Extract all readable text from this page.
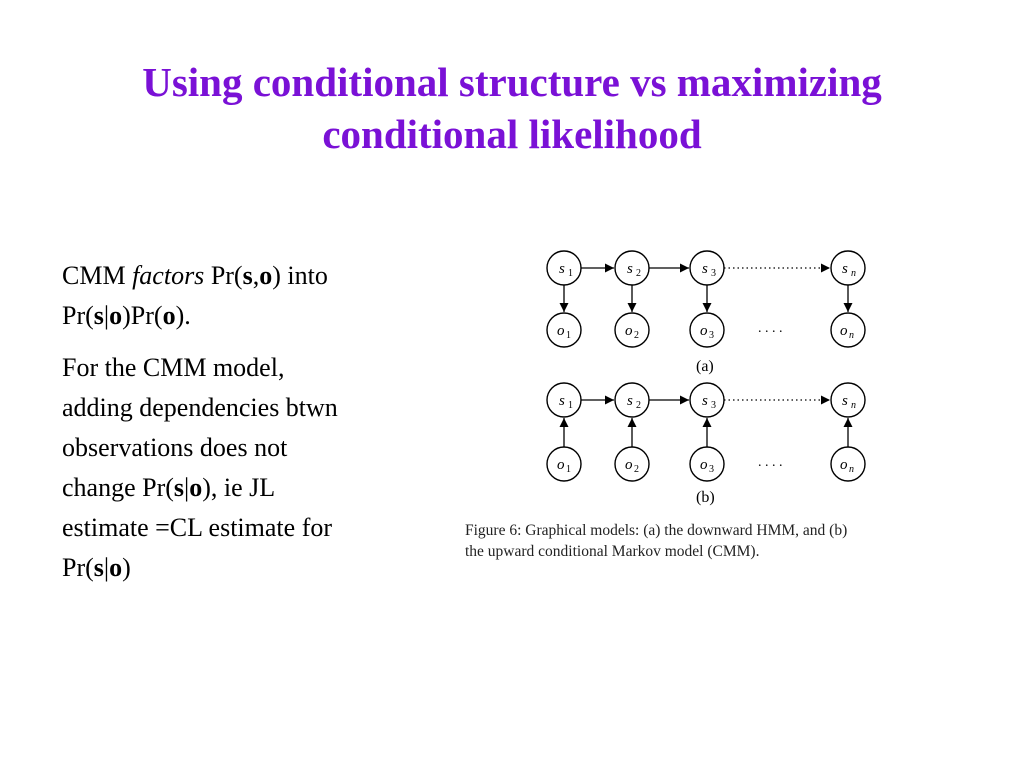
Using conditional structure vs maximizing
conditional likelihood

CMM factors Pr(s,o) into
Pr(s|o)Pr(o).

For the CMM model,
adding dependencies btwn
observations does not
change Pr(s|o), ie JL
estimate =CL estimate for
Pr(s|o)

s 1	s 2	s 3	s n
o 1	o 2	o 3	o n
. . . .
(a)
s 1	s 2	s 3	s n
o 1	o 2	o 3	o n
. . . .
(b)
Figure 6: Graphical models: (a) the downward HMM, and (b)
the upward conditional Markov model (CMM).
